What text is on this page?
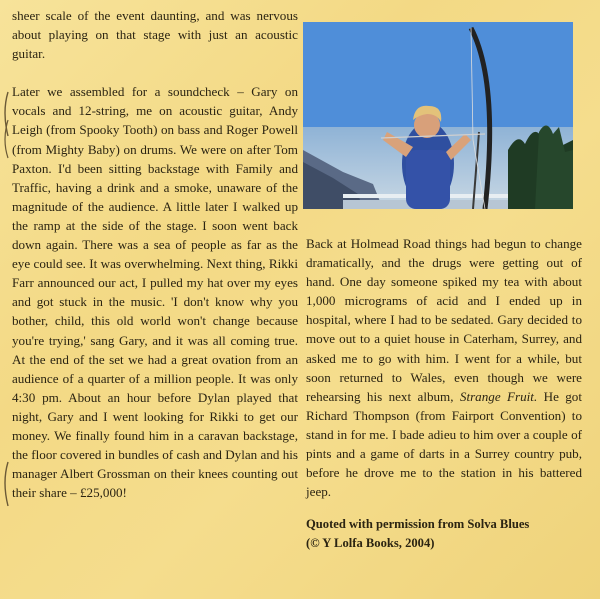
sheer scale of the event daunting, and was nervous about playing on that stage with just an acoustic guitar.

Later we assembled for a soundcheck – Gary on vocals and 12-string, me on acoustic guitar, Andy Leigh (from Spooky Tooth) on bass and Roger Powell (from Mighty Baby) on drums. We were on after Tom Paxton. I'd been sitting backstage with Family and Traffic, having a drink and a smoke, unaware of the magnitude of the audience. A little later I walked up the ramp at the side of the stage. I soon went back down again. There was a sea of people as far as the eye could see. It was overwhelming. Next thing, Rikki Farr announced our act, I pulled my hat over my eyes and got stuck in the music. 'I don't know why you bother, child, this old world won't change because you're trying,' sang Gary, and it was all coming true. At the end of the set we had a great ovation from an audience of a quarter of a million people. It was only 4:30 pm. About an hour before Dylan played that night, Gary and I went looking for Rikki to get our money. We finally found him in a caravan backstage, the floor covered in bundles of cash and Dylan and his manager Albert Grossman on their knees counting out their share – £25,000!

Back at Holmead Road things had begun to change dramatically, and the drugs were getting out of hand. One day someone spiked my tea with about 1,000 micrograms of acid and I ended up in hospital, where I had to be sedated. Gary decided to move out to a quiet house in Caterham, Surrey, and asked me to go with him. I went for a while, but soon returned to Wales, even though we were rehearsing his next album, Strange Fruit. He got Richard Thompson (from Fairport Convention) to stand in for me. I bade adieu to him over a couple of pints and a game of darts in a Surrey country pub, before he drove me to the station in his battered jeep.

Quoted with permission from Solva Blues
(© Y Lolfa Books, 2004)
